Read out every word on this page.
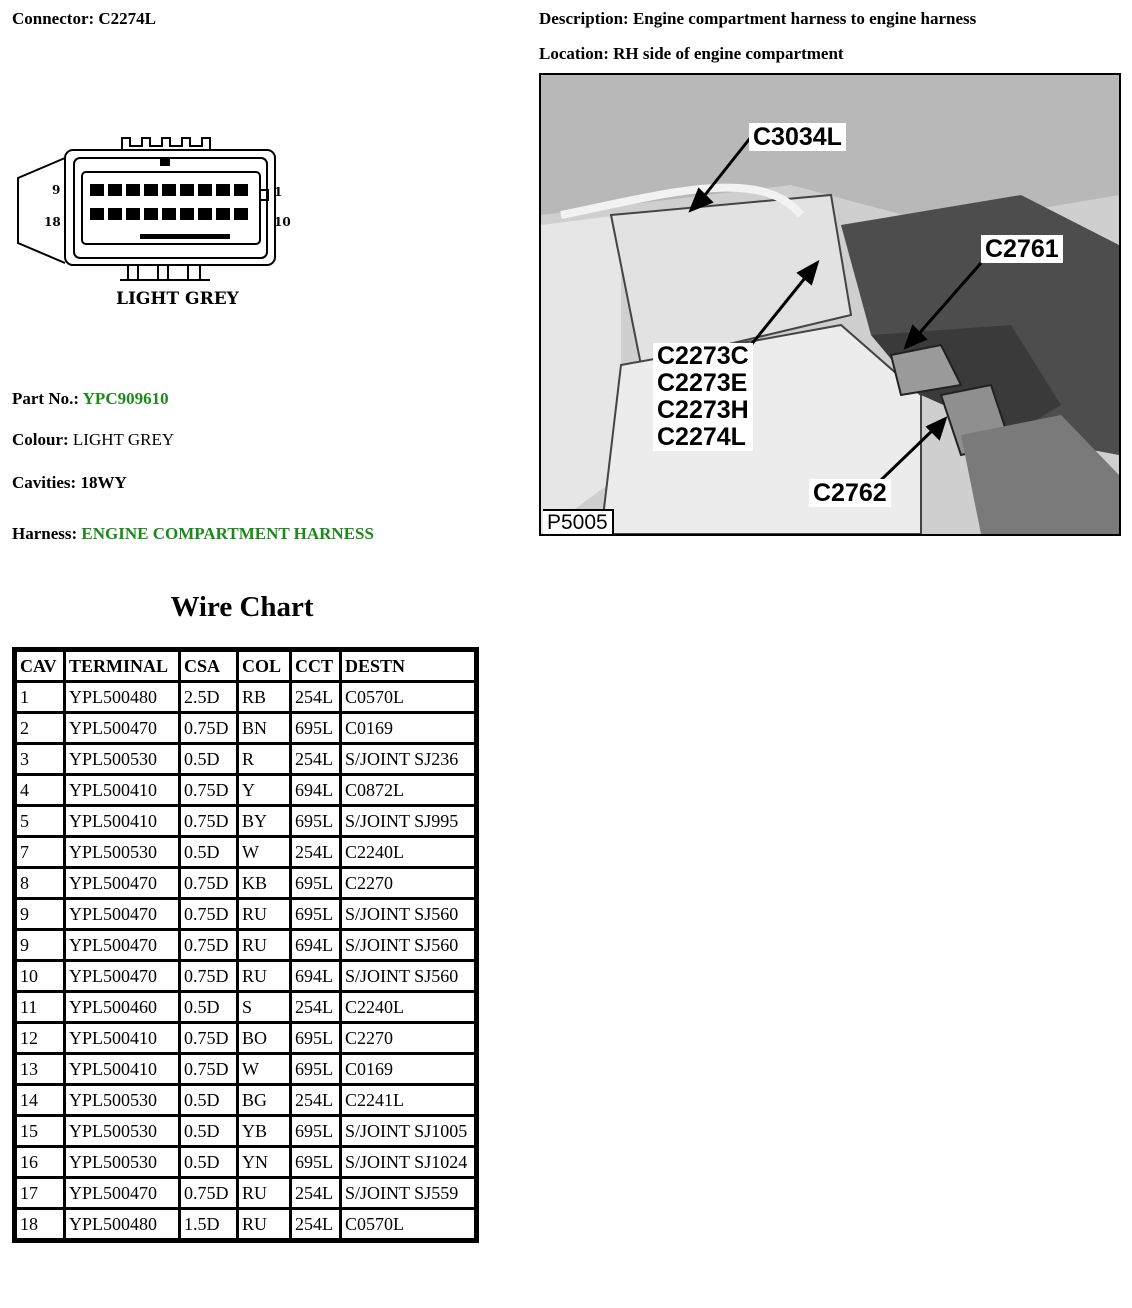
Connector: C2274L	Description: Engine compartment harness to engine harness
Location: RH side of engine compartment
9
18
1
10
LIGHT GREY
C3034L
C2761
C2273C
C2273E
C2273H
C2274L
C2762
P5005
Part No.: YPC909610
Colour: LIGHT GREY
Cavities: 18WY
Harness: ENGINE COMPARTMENT HARNESS
Wire Chart
CAV	TERMINAL	CSA	COL	CCT	DESTN
1	YPL500480	2.5D	RB	254L	C0570L
2	YPL500470	0.75D	BN	695L	C0169
3	YPL500530	0.5D	R	254L	S/JOINT SJ236
4	YPL500410	0.75D	Y	694L	C0872L
5	YPL500410	0.75D	BY	695L	S/JOINT SJ995
7	YPL500530	0.5D	W	254L	C2240L
8	YPL500470	0.75D	KB	695L	C2270
9	YPL500470	0.75D	RU	695L	S/JOINT SJ560
9	YPL500470	0.75D	RU	694L	S/JOINT SJ560
10	YPL500470	0.75D	RU	694L	S/JOINT SJ560
11	YPL500460	0.5D	S	254L	C2240L
12	YPL500410	0.75D	BO	695L	C2270
13	YPL500410	0.75D	W	695L	C0169
14	YPL500530	0.5D	BG	254L	C2241L
15	YPL500530	0.5D	YB	695L	S/JOINT SJ1005
16	YPL500530	0.5D	YN	695L	S/JOINT SJ1024
17	YPL500470	0.75D	RU	254L	S/JOINT SJ559
18	YPL500480	1.5D	RU	254L	C0570L
